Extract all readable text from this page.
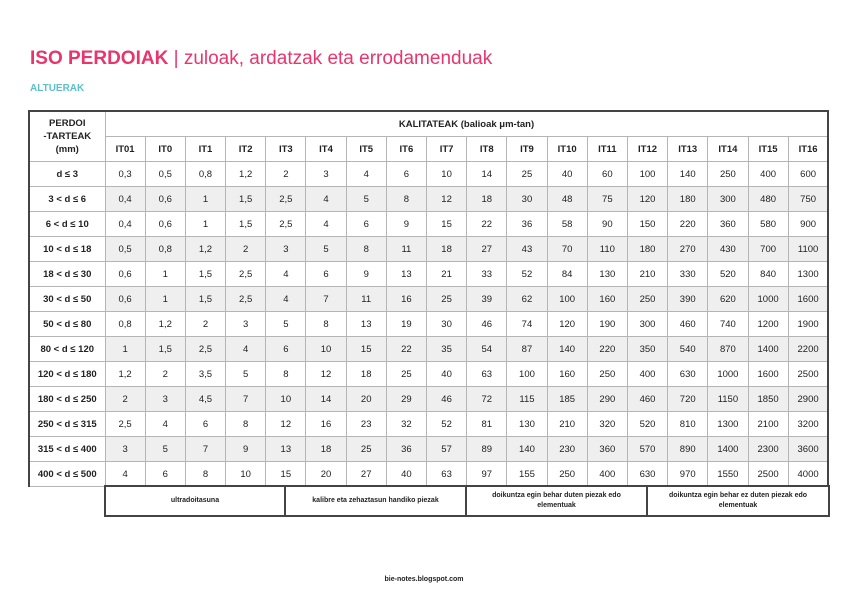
ISO PERDOIAK | zuloak, ardatzak eta errodamenduak
ALTUERAK
PERDOI
-TARTEAK
(mm)	KALITATEAK (balioak μm-tan)																	
	IT01	IT0	IT1	IT2	IT3	IT4	IT5	IT6	IT7	IT8	IT9	IT10	IT11	IT12	IT13	IT14	IT15	IT16
d ≤ 3	0,3	0,5	0,8	1,2	2	3	4	6	10	14	25	40	60	100	140	250	400	600
3 < d ≤ 6	0,4	0,6	1	1,5	2,5	4	5	8	12	18	30	48	75	120	180	300	480	750
6 < d ≤ 10	0,4	0,6	1	1,5	2,5	4	6	9	15	22	36	58	90	150	220	360	580	900
10 < d ≤ 18	0,5	0,8	1,2	2	3	5	8	11	18	27	43	70	110	180	270	430	700	1100
18 < d ≤ 30	0,6	1	1,5	2,5	4	6	9	13	21	33	52	84	130	210	330	520	840	1300
30 < d ≤ 50	0,6	1	1,5	2,5	4	7	11	16	25	39	62	100	160	250	390	620	1000	1600
50 < d ≤ 80	0,8	1,2	2	3	5	8	13	19	30	46	74	120	190	300	460	740	1200	1900
80 < d ≤ 120	1	1,5	2,5	4	6	10	15	22	35	54	87	140	220	350	540	870	1400	2200
120 < d ≤ 180	1,2	2	3,5	5	8	12	18	25	40	63	100	160	250	400	630	1000	1600	2500
180 < d ≤ 250	2	3	4,5	7	10	14	20	29	46	72	115	185	290	460	720	1150	1850	2900
250 < d ≤ 315	2,5	4	6	8	12	16	23	32	52	81	130	210	320	520	810	1300	2100	3200
315 < d ≤ 400	3	5	7	9	13	18	25	36	57	89	140	230	360	570	890	1400	2300	3600
400 < d ≤ 500	4	6	8	10	15	20	27	40	63	97	155	250	400	630	970	1550	2500	4000
ultradoitasuna	kalibre eta zehaztasun handiko piezak	doikuntza egin behar duten piezak edo elementuak	doikuntza egin behar ez duten piezak edo elementuak
bie-notes.blogspot.com
